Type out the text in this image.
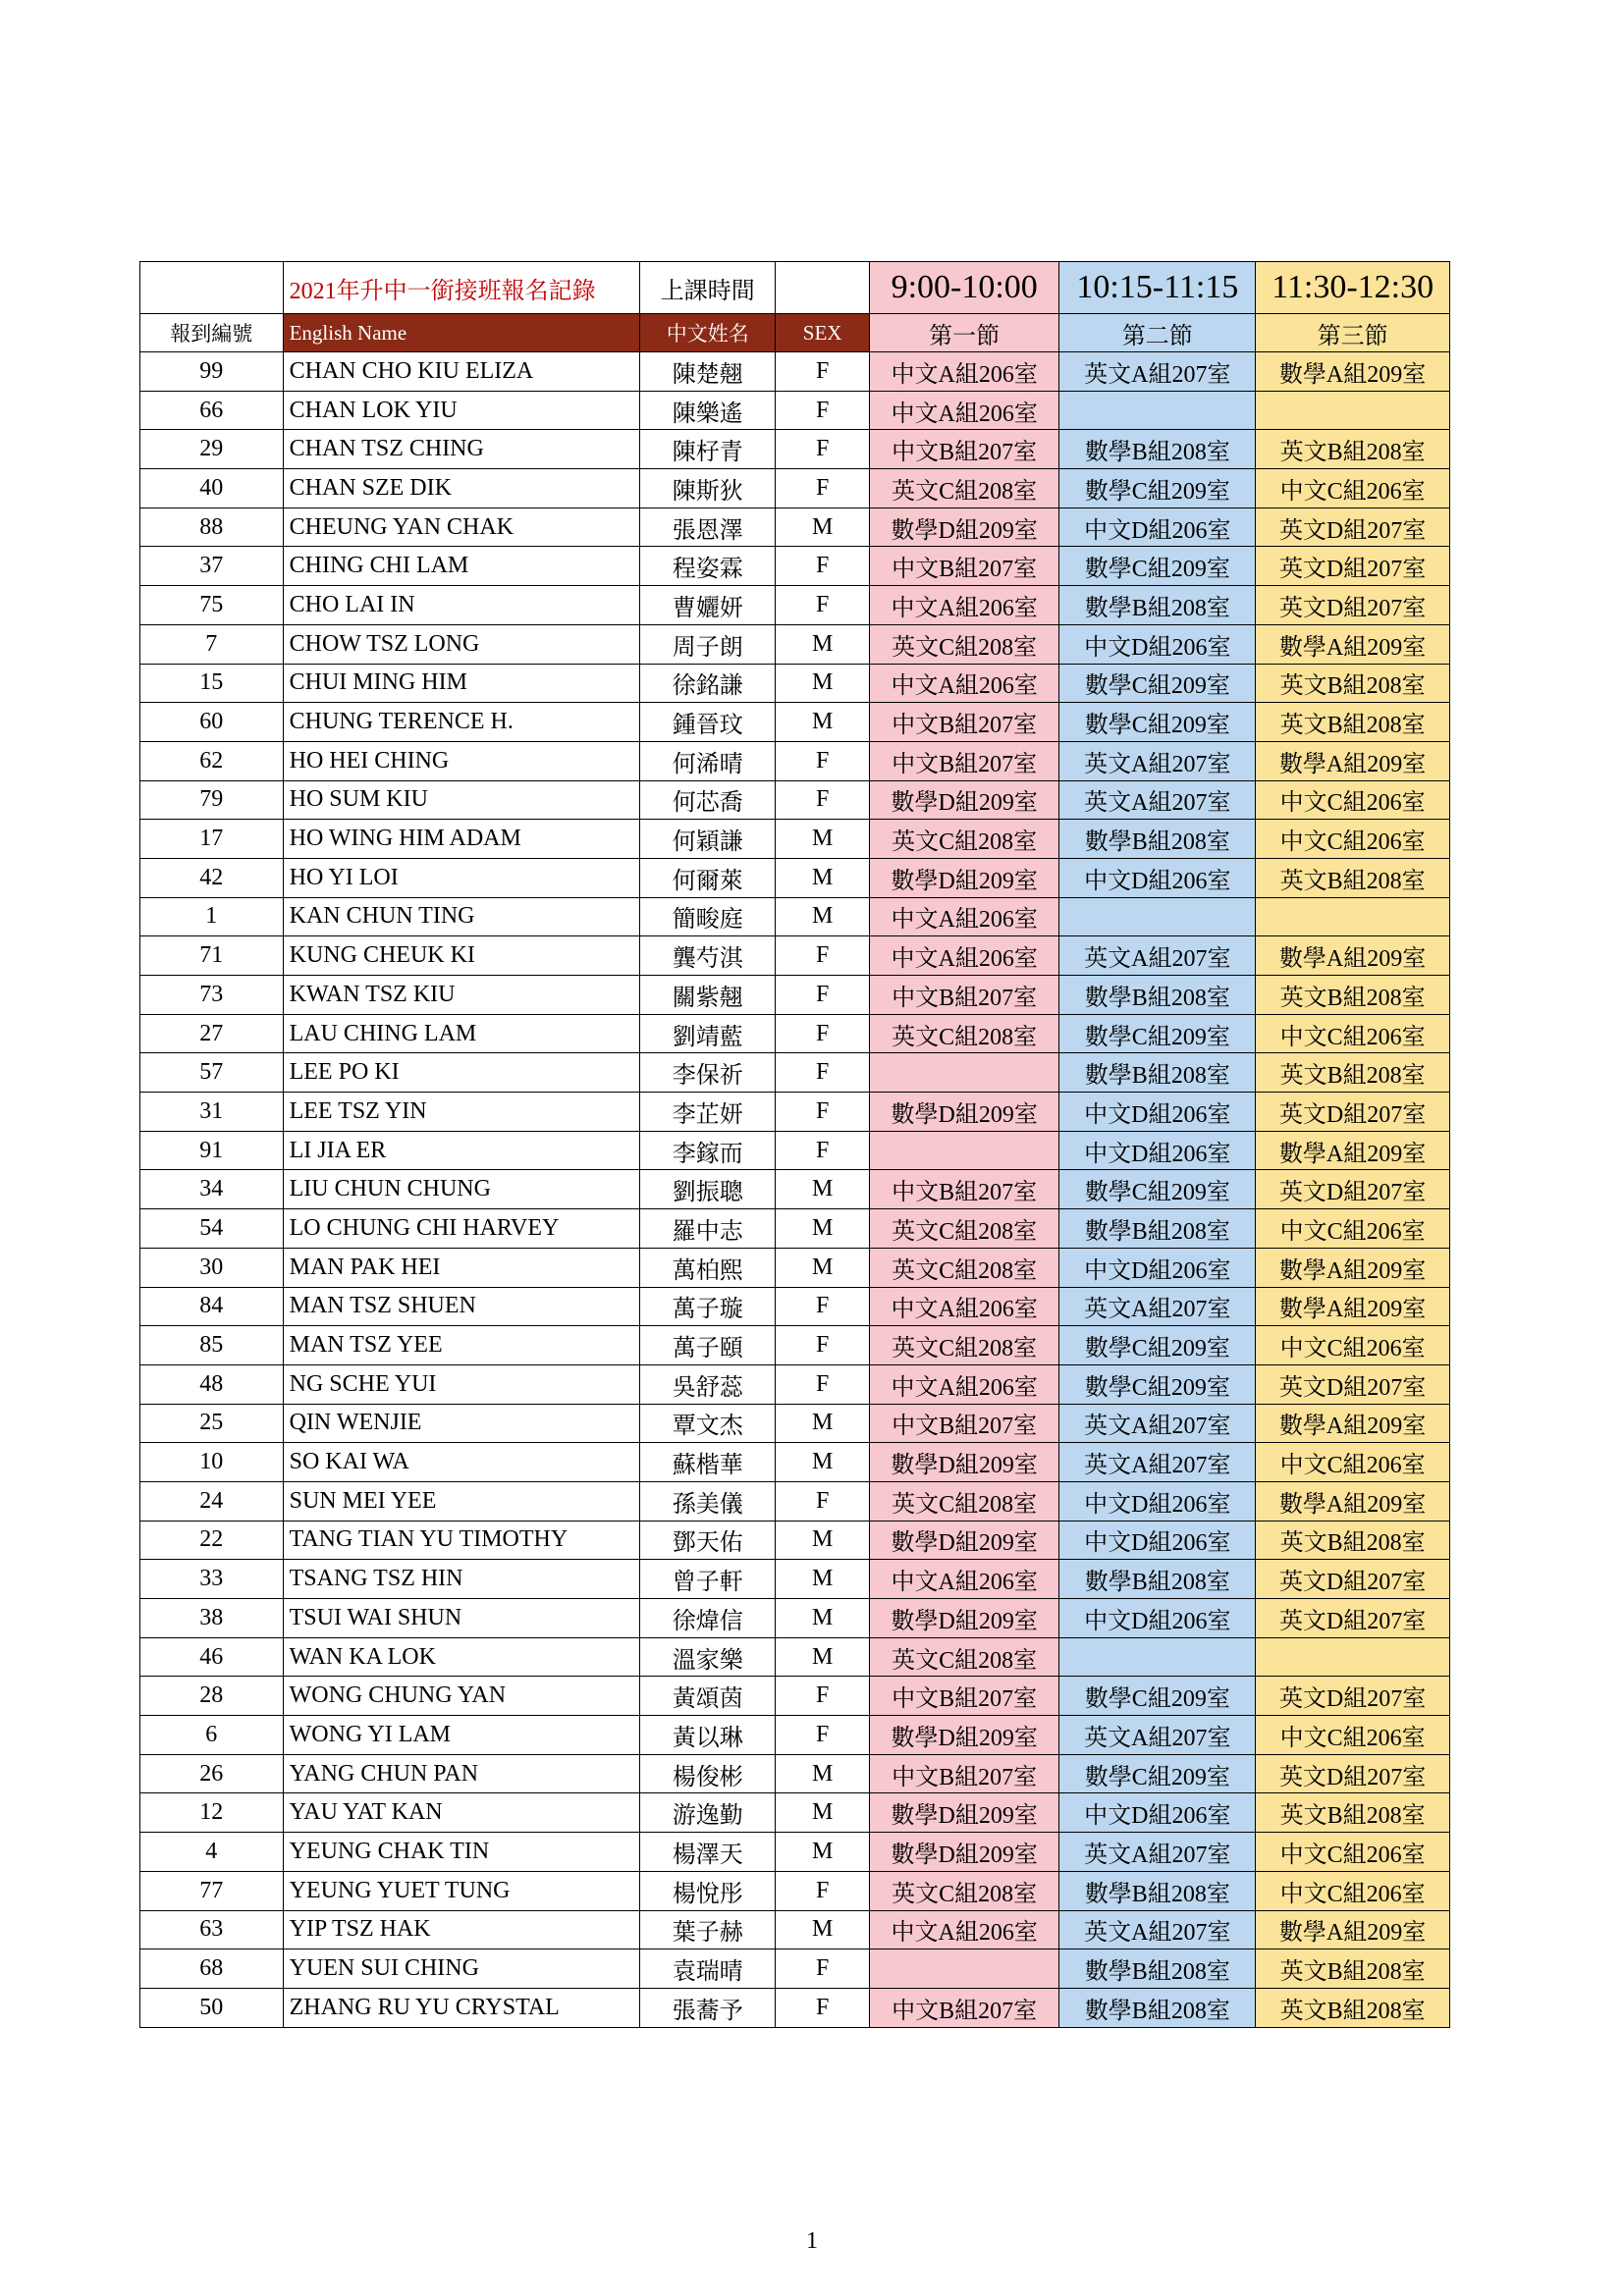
	2021年升中一銜接班報名記錄	上課時間		9:00-10:00	10:15-11:15	11:30-12:30
報到編號	English Name	中文姓名	SEX	第一節	第二節	第三節
99	CHAN CHO KIU ELIZA	陳楚翹	F	中文A組206室	英文A組207室	數學A組209室
66	CHAN LOK YIU	陳樂遙	F	中文A組206室		
29	CHAN TSZ CHING	陳杍青	F	中文B組207室	數學B組208室	英文B組208室
40	CHAN SZE DIK	陳斯狄	F	英文C組208室	數學C組209室	中文C組206室
88	CHEUNG YAN CHAK	張恩澤	M	數學D組209室	中文D組206室	英文D組207室
37	CHING CHI LAM	程姿霖	F	中文B組207室	數學C組209室	英文D組207室
75	CHO LAI IN	曹孋妍	F	中文A組206室	數學B組208室	英文D組207室
7	CHOW TSZ LONG	周子朗	M	英文C組208室	中文D組206室	數學A組209室
15	CHUI MING HIM	徐銘謙	M	中文A組206室	數學C組209室	英文B組208室
60	CHUNG TERENCE H.	鍾晉玟	M	中文B組207室	數學C組209室	英文B組208室
62	HO HEI CHING	何浠晴	F	中文B組207室	英文A組207室	數學A組209室
79	HO SUM KIU	何芯喬	F	數學D組209室	英文A組207室	中文C組206室
17	HO WING HIM ADAM	何穎謙	M	英文C組208室	數學B組208室	中文C組206室
42	HO YI LOI	何爾萊	M	數學D組209室	中文D組206室	英文B組208室
1	KAN CHUN TING	簡畯庭	M	中文A組206室		
71	KUNG CHEUK KI	龔芍淇	F	中文A組206室	英文A組207室	數學A組209室
73	KWAN TSZ KIU	關紫翹	F	中文B組207室	數學B組208室	英文B組208室
27	LAU CHING LAM	劉靖藍	F	英文C組208室	數學C組209室	中文C組206室
57	LEE PO KI	李保祈	F		數學B組208室	英文B組208室
31	LEE TSZ YIN	李芷妍	F	數學D組209室	中文D組206室	英文D組207室
91	LI JIA ER	李鎵而	F		中文D組206室	數學A組209室
34	LIU CHUN CHUNG	劉振聰	M	中文B組207室	數學C組209室	英文D組207室
54	LO CHUNG CHI HARVEY	羅中志	M	英文C組208室	數學B組208室	中文C組206室
30	MAN PAK HEI	萬柏熙	M	英文C組208室	中文D組206室	數學A組209室
84	MAN TSZ SHUEN	萬子璇	F	中文A組206室	英文A組207室	數學A組209室
85	MAN TSZ YEE	萬子頤	F	英文C組208室	數學C組209室	中文C組206室
48	NG SCHE YUI	吳舒蕊	F	中文A組206室	數學C組209室	英文D組207室
25	QIN WENJIE	覃文杰	M	中文B組207室	英文A組207室	數學A組209室
10	SO KAI WA	蘇楷華	M	數學D組209室	英文A組207室	中文C組206室
24	SUN MEI YEE	孫美儀	F	英文C組208室	中文D組206室	數學A組209室
22	TANG TIAN YU TIMOTHY	鄧天佑	M	數學D組209室	中文D組206室	英文B組208室
33	TSANG TSZ HIN	曾子軒	M	中文A組206室	數學B組208室	英文D組207室
38	TSUI WAI SHUN	徐煒信	M	數學D組209室	中文D組206室	英文D組207室
46	WAN KA LOK	溫家樂	M	英文C組208室		
28	WONG CHUNG YAN	黃頌茵	F	中文B組207室	數學C組209室	英文D組207室
6	WONG YI LAM	黃以琳	F	數學D組209室	英文A組207室	中文C組206室
26	YANG CHUN PAN	楊俊彬	M	中文B組207室	數學C組209室	英文D組207室
12	YAU YAT KAN	游逸勤	M	數學D組209室	中文D組206室	英文B組208室
4	YEUNG CHAK TIN	楊澤天	M	數學D組209室	英文A組207室	中文C組206室
77	YEUNG YUET TUNG	楊悅彤	F	英文C組208室	數學B組208室	中文C組206室
63	YIP TSZ HAK	葉子赫	M	中文A組206室	英文A組207室	數學A組209室
68	YUEN SUI CHING	袁瑞晴	F		數學B組208室	英文B組208室
50	ZHANG RU YU CRYSTAL	張蕎予	F	中文B組207室	數學B組208室	英文B組208室
1
